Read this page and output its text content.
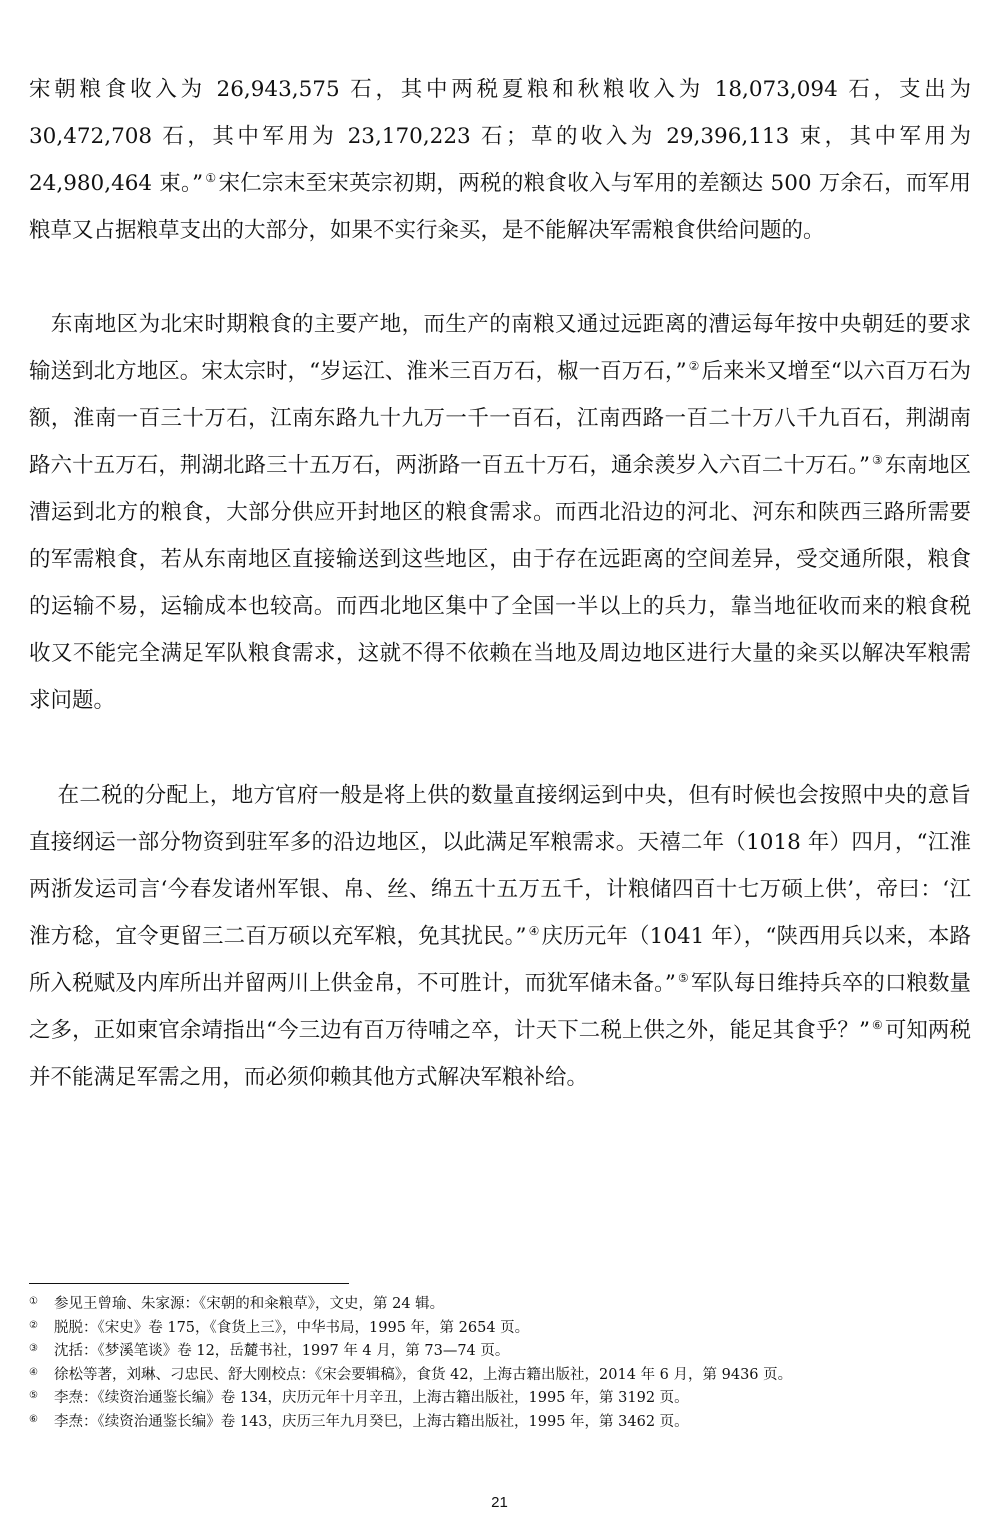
宋朝粮食收入为 26,943,575 石，其中两税夏粮和秋粮收入为 18,073,094 石，支出为 30,472,708 石，其中军用为 23,170,223 石；草的收入为 29,396,113 束，其中军用为 24,980,464 束。” ①宋仁宗末至宋英宗初期，两税的粮食收入与军用的差额达 500 万余石，而军用粮草又占据粮草支出的大部分，如果不实行籴买，是不能解决军需粮食供给问题的。

 东南地区为北宋时期粮食的主要产地，而生产的南粮又通过远距离的漕运每年按中央朝廷的要求输送到北方地区。宋太宗时，“岁运江、淮米三百万石，椒一百万石，” ②后来米又增至“以六百万石为额，淮南一百三十万石，江南东路九十九万一千一百石，江南西路一百二十万八千九百石，荆湖南路六十五万石，荆湖北路三十五万石，两浙路一百五十万石，通余羡岁入六百二十万石。” ③东南地区漕运到北方的粮食，大部分供应开封地区的粮食需求。而西北沿边的河北、河东和陕西三路所需要的军需粮食，若从东南地区直接输送到这些地区，由于存在远距离的空间差异，受交通所限，粮食的运输不易，运输成本也较高。而西北地区集中了全国一半以上的兵力，靠当地征收而来的粮食税收又不能完全满足军队粮食需求，这就不得不依赖在当地及周边地区进行大量的籴买以解决军粮需求问题。

  在二税的分配上，地方官府一般是将上供的数量直接纲运到中央，但有时候也会按照中央的意旨直接纲运一部分物资到驻军多的沿边地区，以此满足军粮需求。天禧二年（1018 年）四月，“江淮两浙发运司言‘今春发诸州军银、帛、丝、绵五十五万五千，计粮储四百十七万硕上供’，帝曰：‘江淮方稔，宜令更留三二百万硕以充军粮，免其扰民。” ④庆历元年（1041 年），“陕西用兵以来，本路所入税赋及内库所出并留两川上供金帛，不可胜计，而犹军储未备。” ⑤军队每日维持兵卒的口粮数量之多，正如柬官余靖指出“今三边有百万待哺之卒，计天下二税上供之外，能足其食乎？” ⑥可知两税并不能满足军需之用，而必须仰赖其他方式解决军粮补给。

① 参见王曾瑜、朱家源：《宋朝的和籴粮草》，文史，第 24 辑。

② 脱脱：《宋史》卷 175，《食货上三》，中华书局，1995 年，第 2654 页。

③ 沈括：《梦溪笔谈》卷 12，岳麓书社，1997 年 4 月，第 73—74 页。

④ 徐松等著，刘琳、刁忠民、舒大刚校点：《宋会要辑稿》，食货 42，上海古籍出版社，2014 年 6 月，第 9436 页。

⑤ 李焘：《续资治通鉴长编》卷 134，庆历元年十月辛丑，上海古籍出版社，1995 年，第 3192 页。

⑥ 李焘：《续资治通鉴长编》卷 143，庆历三年九月癸巳，上海古籍出版社，1995 年，第 3462 页。

21
